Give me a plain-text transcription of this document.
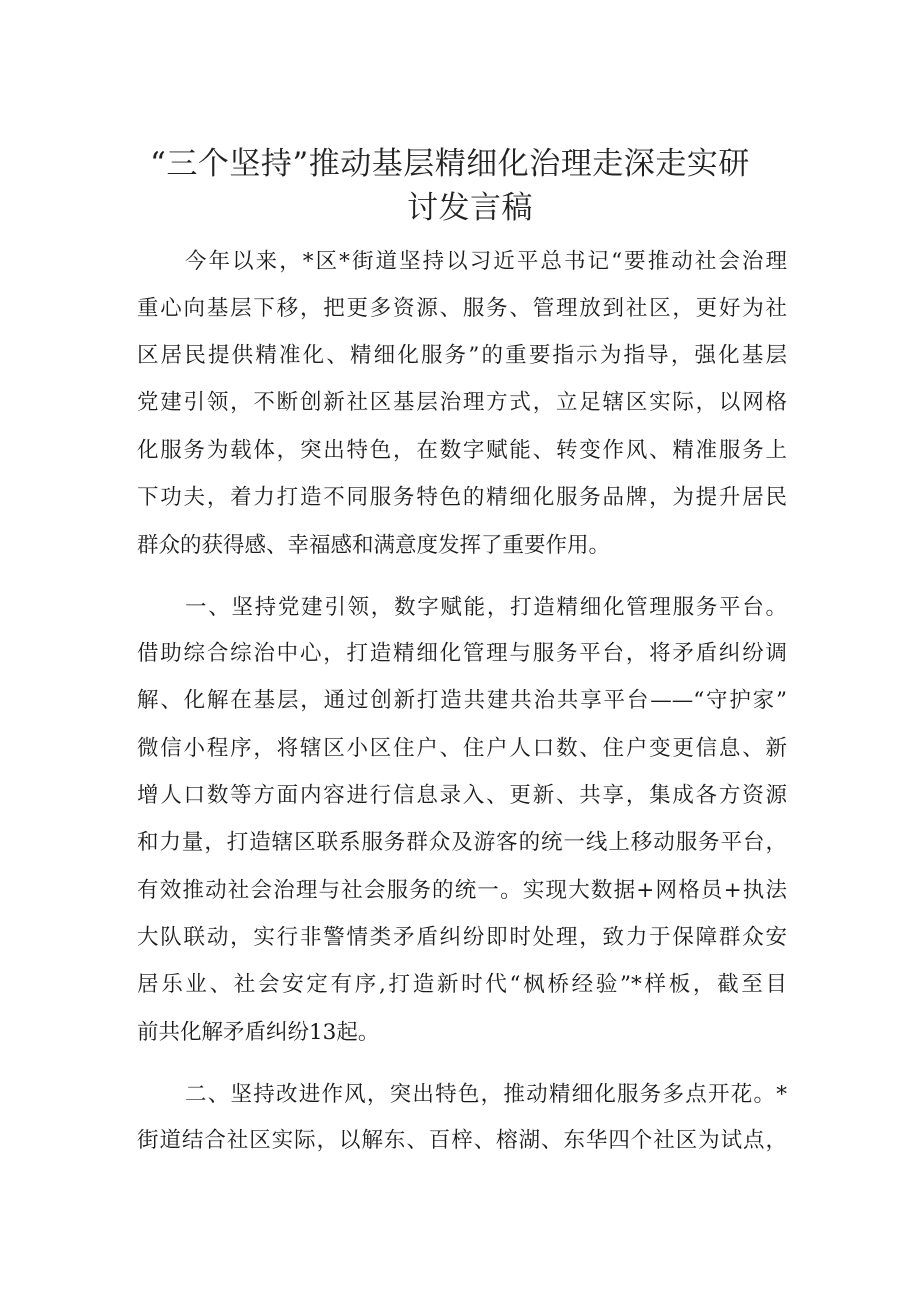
“三个坚持”推动基层精细化治理走深走实研
讨发言稿
今年以来，*区*街道坚持以习近平总书记“要推动社会治理
重心向基层下移，把更多资源、服务、管理放到社区，更好为社
区居民提供精准化、精细化服务”的重要指示为指导，强化基层
党建引领，不断创新社区基层治理方式，立足辖区实际，以网格
化服务为载体，突出特色，在数字赋能、转变作风、精准服务上
下功夫，着力打造不同服务特色的精细化服务品牌，为提升居民
群众的获得感、幸福感和满意度发挥了重要作用。
一、坚持党建引领，数字赋能，打造精细化管理服务平台。
借助综合综治中心，打造精细化管理与服务平台，将矛盾纠纷调
解、化解在基层，通过创新打造共建共治共享平台——“守护家”
微信小程序，将辖区小区住户、住户人口数、住户变更信息、新
增人口数等方面内容进行信息录入、更新、共享，集成各方资源
和力量，打造辖区联系服务群众及游客的统一线上移动服务平台，
有效推动社会治理与社会服务的统一。实现大数据+网格员+执法
大队联动，实行非警情类矛盾纠纷即时处理，致力于保障群众安
居乐业、社会安定有序,打造新时代“枫桥经验”*样板，截至目
前共化解矛盾纠纷13起。
二、坚持改进作风，突出特色，推动精细化服务多点开花。*
街道结合社区实际，以解东、百梓、榕湖、东华四个社区为试点，
